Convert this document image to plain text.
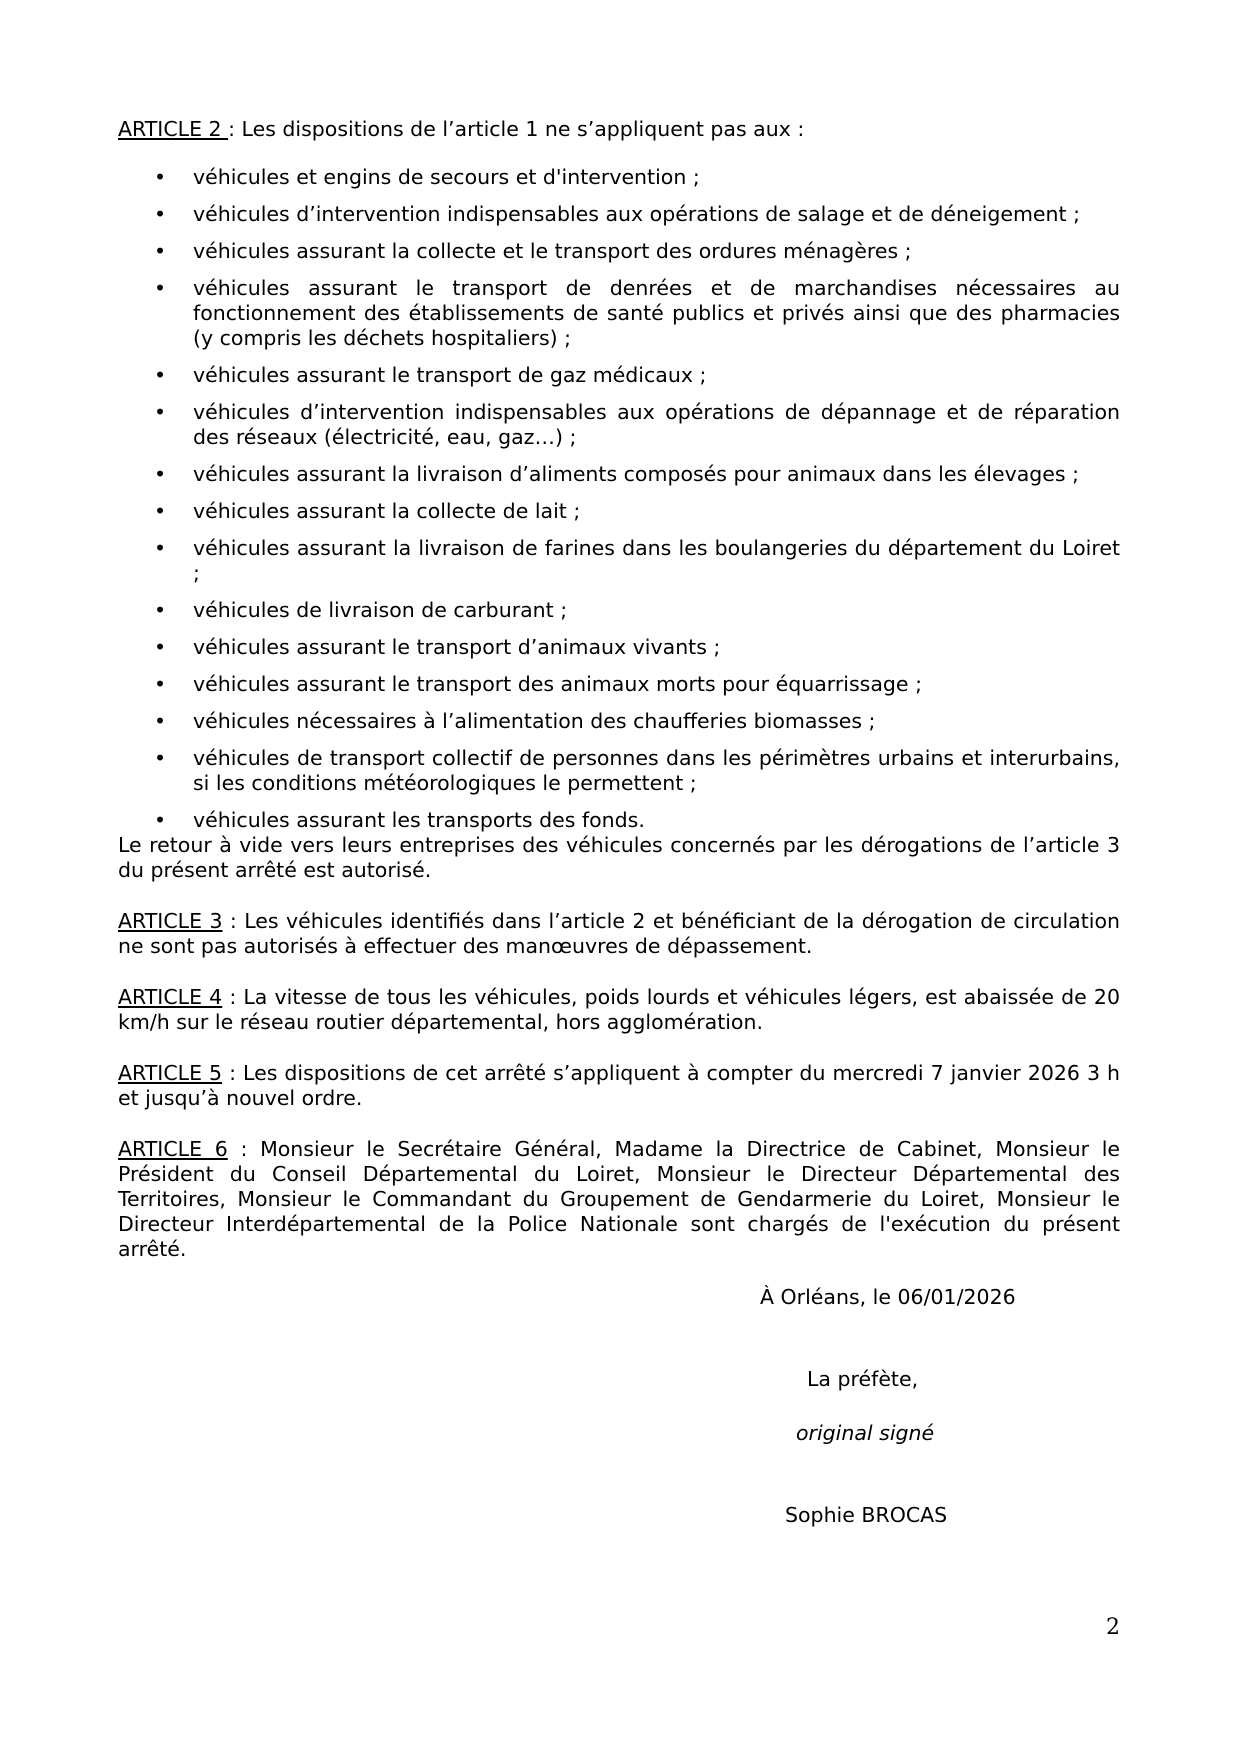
ARTICLE 2 : Les dispositions de l’article 1 ne s’appliquent pas aux :
• véhicules et engins de secours et d'intervention ;
• véhicules d’intervention indispensables aux opérations de salage et de déneigement ;
• véhicules assurant la collecte et le transport des ordures ménagères ;
• véhicules assurant le transport de denrées et de marchandises nécessaires au fonctionnement des établissements de santé publics et privés ainsi que des pharmacies (y compris les déchets hospitaliers) ;
• véhicules assurant le transport de gaz médicaux ;
• véhicules d’intervention indispensables aux opérations de dépannage et de réparation des réseaux (électricité, eau, gaz…) ;
• véhicules assurant la livraison d’aliments composés pour animaux dans les élevages ;
• véhicules assurant la collecte de lait ;
• véhicules assurant la livraison de farines dans les boulangeries du département du Loiret ;
• véhicules de livraison de carburant ;
• véhicules assurant le transport d’animaux vivants ;
• véhicules assurant le transport des animaux morts pour équarrissage ;
• véhicules nécessaires à l’alimentation des chaufferies biomasses ;
• véhicules de transport collectif de personnes dans les périmètres urbains et interurbains, si les conditions météorologiques le permettent ;
• véhicules assurant les transports des fonds.
Le retour à vide vers leurs entreprises des véhicules concernés par les dérogations de l’article 3 du présent arrêté est autorisé.
ARTICLE 3 : Les véhicules identifiés dans l’article 2 et bénéficiant de la dérogation de circulation ne sont pas autorisés à effectuer des manœuvres de dépassement.
ARTICLE 4 : La vitesse de tous les véhicules, poids lourds et véhicules légers, est abaissée de 20 km/h sur le réseau routier départemental, hors agglomération.
ARTICLE 5 : Les dispositions de cet arrêté s’appliquent à compter du mercredi 7 janvier 2026 3 h et jusqu’à nouvel ordre.
ARTICLE 6 : Monsieur le Secrétaire Général, Madame la Directrice de Cabinet, Monsieur le Président du Conseil Départemental du Loiret, Monsieur le Directeur Départemental des Territoires, Monsieur le Commandant du Groupement de Gendarmerie du Loiret, Monsieur le Directeur Interdépartemental de la Police Nationale sont chargés de l'exécution du présent arrêté.
À Orléans, le 06/01/2026
La préfète,
original signé
Sophie BROCAS
2
